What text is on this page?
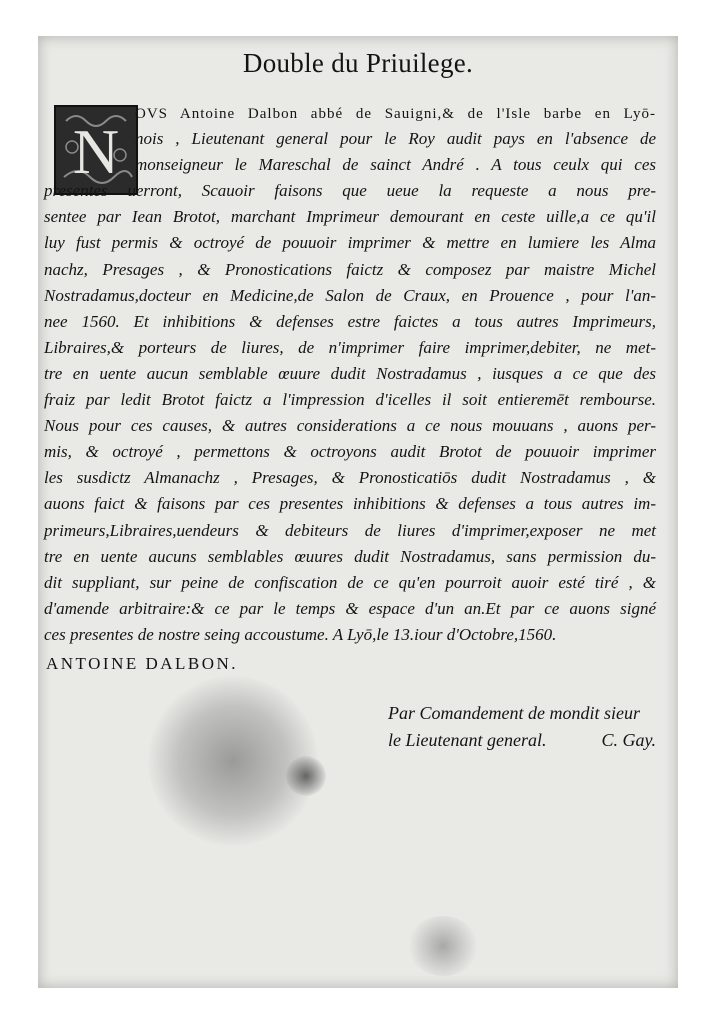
Double du Priuilege.
N
OVS Antoine Dalbon abbé de Sauigni,& de l'Isle barbe en Lyō-
nois , Lieutenant general pour le Roy audit pays en l'absence de
monseigneur le Mareschal de sainct André . A tous ceulx qui ces
presentes uerront, Scauoir faisons que ueue la requeste a nous pre-
sentee par Iean Brotot, marchant Imprimeur demourant en ceste uille,a ce qu'il
luy fust permis & octroyé de pouuoir imprimer & mettre en lumiere les Alma
nachz, Presages , & Pronostications faictz & composez par maistre Michel
Nostradamus,docteur en Medicine,de Salon de Craux, en Prouence , pour l'an-
nee 1560. Et inhibitions & defenses estre faictes a tous autres Imprimeurs,
Libraires,& porteurs de liures, de n'imprimer faire imprimer,debiter, ne met-
tre en uente aucun semblable œuure dudit Nostradamus , iusques a ce que des
fraiz par ledit Brotot faictz a l'impression d'icelles il soit entieremēt rembourse.
Nous pour ces causes, & autres considerations a ce nous mouuans , auons per-
mis, & octroyé , permettons & octroyons audit Brotot de pouuoir imprimer
les susdictz Almanachz , Presages, & Pronosticatiōs dudit Nostradamus , &
auons faict & faisons par ces presentes inhibitions & defenses a tous autres im-
primeurs,Libraires,uendeurs & debiteurs de liures d'imprimer,exposer ne met
tre en uente aucuns semblables œuures dudit Nostradamus, sans permission du-
dit suppliant, sur peine de confiscation de ce qu'en pourroit auoir esté tiré , &
d'amende arbitraire:& ce par le temps & espace d'un an.Et par ce auons signé
ces presentes de nostre seing accoustume. A Lyō,le 13.iour d'Octobre,1560.
ANTOINE DALBON.
Par Comandement de mondit sieur
le Lieutenant general.	C. Gay.
